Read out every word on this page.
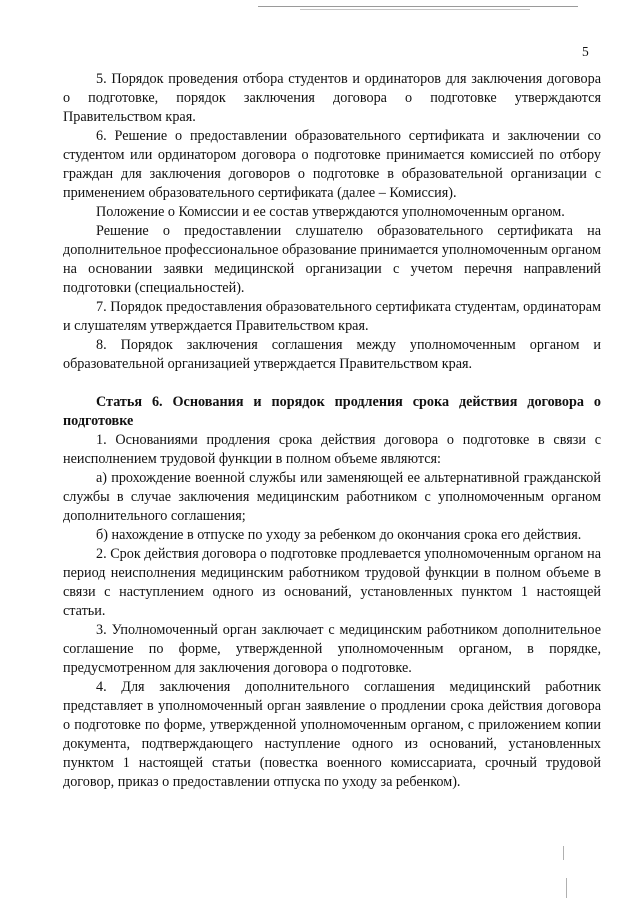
5

5. Порядок проведения отбора студентов и ординаторов для заключения договора о подготовке, порядок заключения договора о подготовке утверждаются Правительством края.

6. Решение о предоставлении образовательного сертификата и заключении со студентом или ординатором договора о подготовке принимается комиссией по отбору граждан для заключения договоров о подготовке в образовательной организации с применением образовательного сертификата (далее – Комиссия).

Положение о Комиссии и ее состав утверждаются уполномоченным органом.

Решение о предоставлении слушателю образовательного сертификата на дополнительное профессиональное образование принимается уполномоченным органом на основании заявки медицинской организации с учетом перечня направлений подготовки (специальностей).

7. Порядок предоставления образовательного сертификата студентам, ординаторам и слушателям утверждается Правительством края.

8. Порядок заключения соглашения между уполномоченным органом и образовательной организацией утверждается Правительством края.

Статья 6. Основания и порядок продления срока действия договора о подготовке

1. Основаниями продления срока действия договора о подготовке в связи с неисполнением трудовой функции в полном объеме являются:

а) прохождение военной службы или заменяющей ее альтернативной гражданской службы в случае заключения медицинским работником с уполномоченным органом дополнительного соглашения;

б) нахождение в отпуске по уходу за ребенком до окончания срока его действия.

2. Срок действия договора о подготовке продлевается уполномоченным органом на период неисполнения медицинским работником трудовой функции в полном объеме в связи с наступлением одного из оснований, установленных пунктом 1 настоящей статьи.

3. Уполномоченный орган заключает с медицинским работником дополнительное соглашение по форме, утвержденной уполномоченным органом, в порядке, предусмотренном для заключения договора о подготовке.

4. Для заключения дополнительного соглашения медицинский работник представляет в уполномоченный орган заявление о продлении срока действия договора о подготовке по форме, утвержденной уполномоченным органом, с приложением копии документа, подтверждающего наступление одного из оснований, установленных пунктом 1 настоящей статьи (повестка военного комиссариата, срочный трудовой договор, приказ о предоставлении отпуска по уходу за ребенком).
